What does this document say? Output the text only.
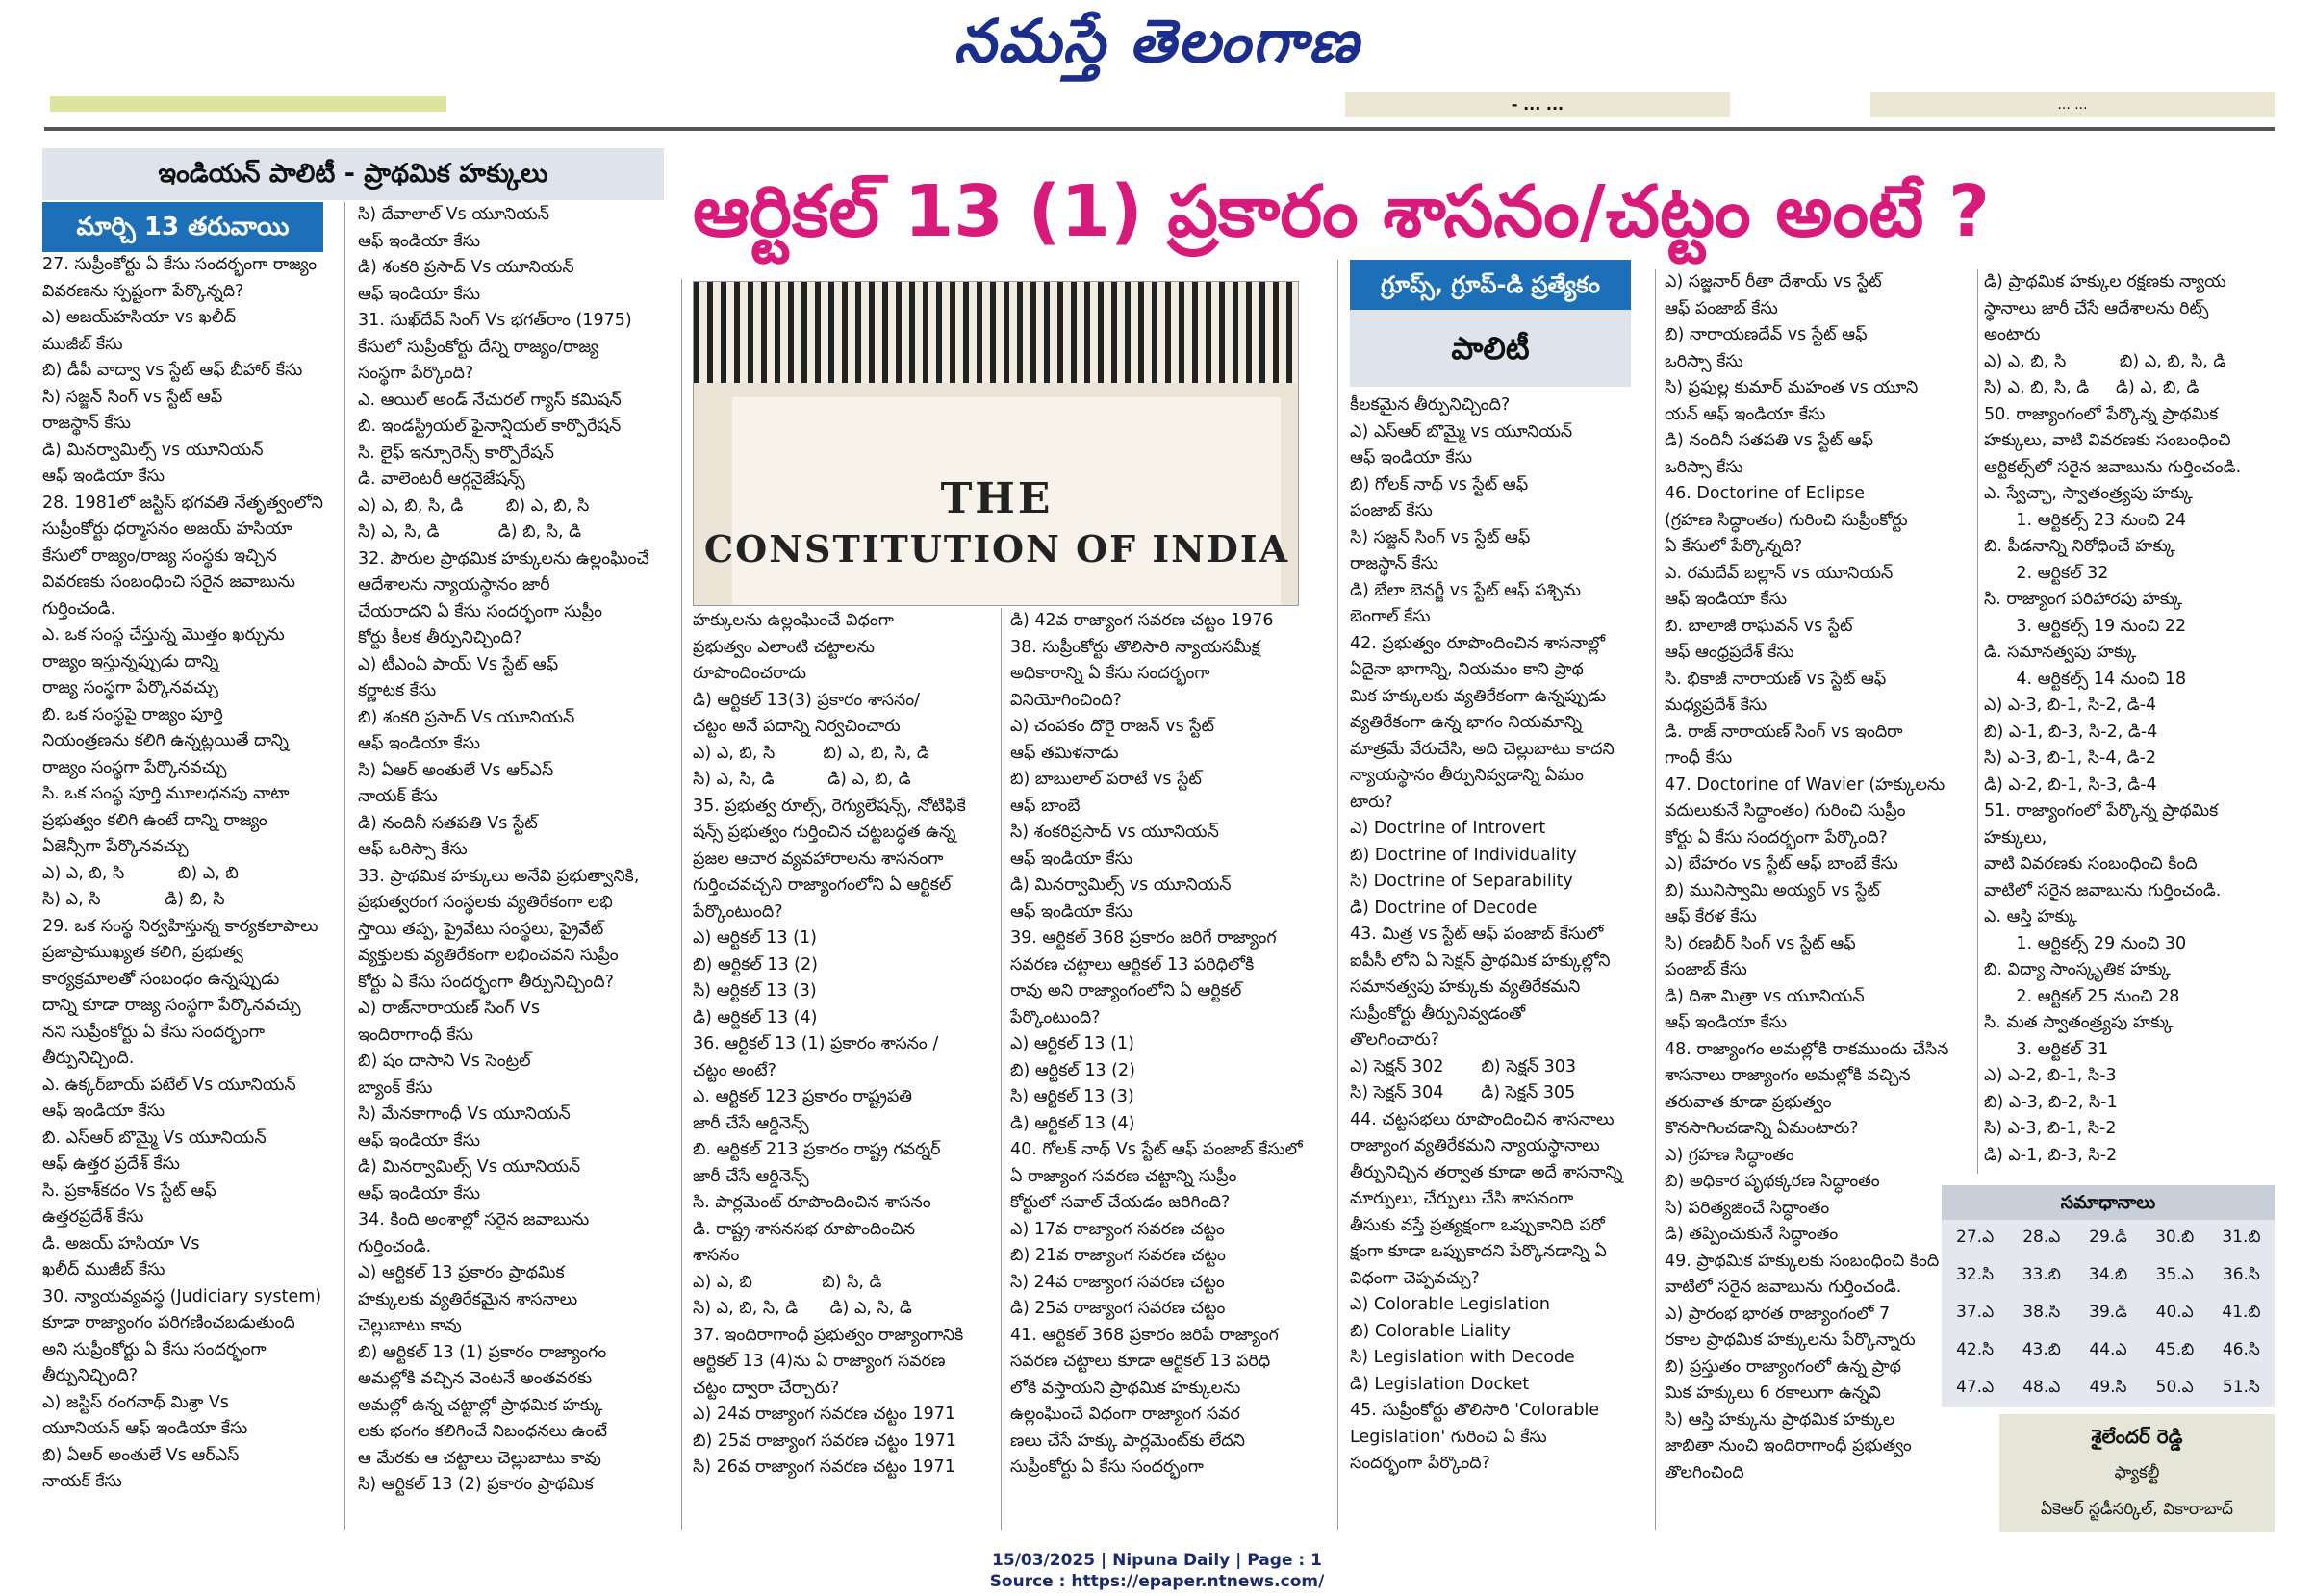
నమస్తే తెలంగాణ
- ... ...	... ...
ఇండియన్ పాలిటీ - ప్రాథమిక హక్కులు
మార్చి 13 తరువాయి	ఆర్టికల్ 13 (1) ప్రకారం శాసనం/చట్టం అంటే ?
THE
CONSTITUTION OF INDIA
గ్రూప్స్, గ్రూప్-డి ప్రత్యేకం
పాలిటీ
27. సుప్రీంకోర్టు ఏ కేసు సందర్భంగా రాజ్యం
వివరణను స్పష్టంగా పేర్కొన్నది?
ఎ) అజయ్‌హసియా vs ఖలీద్
ముజీబ్ కేసు
బి) డీపీ వాద్వా vs స్టేట్ ఆఫ్ బీహార్ కేసు
సి) సజ్జన్ సింగ్ vs స్టేట్ ఆఫ్
రాజస్థాన్ కేసు
డి) మినర్వామిల్స్ vs యూనియన్
ఆఫ్ ఇండియా కేసు
28. 1981లో జస్టిస్ భగవతి నేతృత్వంలోని
సుప్రీంకోర్టు ధర్మాసనం అజయ్ హసియా
కేసులో రాజ్యం/రాజ్య సంస్థకు ఇచ్చిన
వివరణకు సంబంధించి సరైన జవాబును
గుర్తించండి.
ఎ. ఒక సంస్థ చేస్తున్న మొత్తం ఖర్చును
రాజ్యం ఇస్తున్నప్పుడు దాన్ని
రాజ్య సంస్థగా పేర్కొనవచ్చు
బి. ఒక సంస్థపై రాజ్యం పూర్తి
నియంత్రణను కలిగి ఉన్నట్లయితే దాన్ని
రాజ్యం సంస్థగా పేర్కొనవచ్చు
సి. ఒక సంస్థ పూర్తి మూలధనపు వాటా
ప్రభుత్వం కలిగి ఉంటే దాన్ని రాజ్యం
ఏజెన్సీగా పేర్కొనవచ్చు
ఎ) ఎ, బి, సి          బి) ఎ, బి
సి) ఎ, సి            డి) బి, సి
29. ఒక సంస్థ నిర్వహిస్తున్న కార్యకలాపాలు
ప్రజాప్రాముఖ్యత కలిగి, ప్రభుత్వ
కార్యక్రమాలతో సంబంధం ఉన్నప్పుడు
దాన్ని కూడా రాజ్య సంస్థగా పేర్కొనవచ్చు
నని సుప్రీంకోర్టు ఏ కేసు సందర్భంగా
తీర్పునిచ్చింది.
ఎ. ఉక్కర్‌బాయ్ పటేల్ Vs యూనియన్
ఆఫ్ ఇండియా కేసు
బి. ఎస్ఆర్ బొమ్మై Vs యూనియన్
ఆఫ్ ఉత్తర ప్రదేశ్ కేసు
సి. ప్రకాశ్‌కదం Vs స్టేట్ ఆఫ్
ఉత్తరప్రదేశ్ కేసు
డి. అజయ్ హసియా Vs
ఖలీద్ ముజీబ్ కేసు
30. న్యాయవ్యవస్థ (Judiciary system)
కూడా రాజ్యాంగం పరిగణించబడుతుంది
అని సుప్రీంకోర్టు ఏ కేసు సందర్భంగా
తీర్పునిచ్చింది?
ఎ) జస్టిస్ రంగనాథ్ మిశ్రా Vs
యూనియన్ ఆఫ్ ఇండియా కేసు
బి) ఏఆర్ అంతులే Vs ఆర్ఎస్
నాయక్ కేసు
సి) దేవాలాల్ Vs యూనియన్
ఆఫ్ ఇండియా కేసు
డి) శంకరి ప్రసాద్ Vs యూనియన్
ఆఫ్ ఇండియా కేసు
31. సుఖ్‌దేవ్ సింగ్ Vs భగత్‌రాం (1975)
కేసులో సుప్రీంకోర్టు దేన్ని రాజ్యం/రాజ్య
సంస్థగా పేర్కొంది?
ఎ. ఆయిల్ అండ్ నేచురల్ గ్యాస్ కమిషన్
బి. ఇండస్ట్రియల్ ఫైనాన్షియల్ కార్పొరేషన్
సి. లైఫ్ ఇన్సూరెన్స్ కార్పొరేషన్
డి. వాలెంటరీ ఆర్గనైజేషన్స్
ఎ) ఎ, బి, సి, డి        బి) ఎ, బి, సి
సి) ఎ, సి, డి           డి) బి, సి, డి
32. పౌరుల ప్రాథమిక హక్కులను ఉల్లంఘించే
ఆదేశాలను న్యాయస్థానం జారీ
చేయరాదని ఏ కేసు సందర్భంగా సుప్రీం
కోర్టు కీలక తీర్పునిచ్చింది?
ఎ) టీఎంఏ పాయ్ Vs స్టేట్ ఆఫ్
కర్ణాటక కేసు
బి) శంకరి ప్రసాద్ Vs యూనియన్
ఆఫ్ ఇండియా కేసు
సి) ఏఆర్ అంతులే Vs ఆర్ఎస్
నాయక్ కేసు
డి) నందినీ సతపతి Vs స్టేట్
ఆఫ్ ఒరిస్సా కేసు
33. ప్రాథమిక హక్కులు అనేవి ప్రభుత్వానికి,
ప్రభుత్వరంగ సంస్థలకు వ్యతిరేకంగా లభి
స్తాయి తప్ప, ప్రైవేటు సంస్థలు, ప్రైవేట్
వ్యక్తులకు వ్యతిరేకంగా లభించవని సుప్రీం
కోర్టు ఏ కేసు సందర్భంగా తీర్పునిచ్చింది?
ఎ) రాజ్‌నారాయణ్ సింగ్ Vs
ఇందిరాగాంధీ కేసు
బి) షం దాసాని Vs సెంట్రల్
బ్యాంక్ కేసు
సి) మేనకాగాంధీ Vs యూనియన్
ఆఫ్ ఇండియా కేసు
డి) మినర్వామిల్స్ Vs యూనియన్
ఆఫ్ ఇండియా కేసు
34. కింది అంశాల్లో సరైన జవాబును
గుర్తించండి.
ఎ) ఆర్టికల్ 13 ప్రకారం ప్రాథమిక
హక్కులకు వ్యతిరేకమైన శాసనాలు
చెల్లుబాటు కావు
బి) ఆర్టికల్ 13 (1) ప్రకారం రాజ్యాంగం
అమల్లోకి వచ్చిన వెంటనే అంతవరకు
అమల్లో ఉన్న చట్టాల్లో ప్రాథమిక హక్కు
లకు భంగం కలిగించే నిబంధనలు ఉంటే
ఆ మేరకు ఆ చట్టాలు చెల్లుబాటు కావు
సి) ఆర్టికల్ 13 (2) ప్రకారం ప్రాథమిక
హక్కులను ఉల్లంఘించే విధంగా
ప్రభుత్వం ఎలాంటి చట్టాలను
రూపొందించరాదు
డి) ఆర్టికల్ 13(3) ప్రకారం శాసనం/
చట్టం అనే పదాన్ని నిర్వచించారు
ఎ) ఎ, బి, సి         బి) ఎ, బి, సి, డి
సి) ఎ, సి, డి          డి) ఎ, బి, డి
35. ప్రభుత్వ రూల్స్, రెగ్యులేషన్స్, నోటిఫికే
షన్స్ ప్రభుత్వం గుర్తించిన చట్టబద్ధత ఉన్న
ప్రజల ఆచార వ్యవహారాలను శాసనంగా
గుర్తించవచ్చని రాజ్యాంగంలోని ఏ ఆర్టికల్
పేర్కొంటుంది?
ఎ) ఆర్టికల్ 13 (1)
బి) ఆర్టికల్ 13 (2)
సి) ఆర్టికల్ 13 (3)
డి) ఆర్టికల్ 13 (4)
36. ఆర్టికల్ 13 (1) ప్రకారం శాసనం /
చట్టం అంటే?
ఎ. ఆర్టికల్ 123 ప్రకారం రాష్ట్రపతి
జారీ చేసే ఆర్డినెన్స్
బి. ఆర్టికల్ 213 ప్రకారం రాష్ట్ర గవర్నర్
జారీ చేసే ఆర్డినెన్స్
సి. పార్లమెంట్ రూపొందించిన శాసనం
డి. రాష్ట్ర శాసనసభ రూపొందించిన
శాసనం
ఎ) ఎ, బి             బి) సి, డి
సి) ఎ, బి, సి, డి      డి) ఎ, సి, డి
37. ఇందిరాగాంధీ ప్రభుత్వం రాజ్యాంగానికి
ఆర్టికల్ 13 (4)ను ఏ రాజ్యాంగ సవరణ
చట్టం ద్వారా చేర్చారు?
ఎ) 24వ రాజ్యాంగ సవరణ చట్టం 1971
బి) 25వ రాజ్యాంగ సవరణ చట్టం 1971
సి) 26వ రాజ్యాంగ సవరణ చట్టం 1971
డి) 42వ రాజ్యాంగ సవరణ చట్టం 1976
38. సుప్రీంకోర్టు తొలిసారి న్యాయసమీక్ష
అధికారాన్ని ఏ కేసు సందర్భంగా
వినియోగించింది?
ఎ) చంపకం దొరై రాజన్ vs స్టేట్
ఆఫ్ తమిళనాడు
బి) బాబులాల్ పరాటే vs స్టేట్
ఆఫ్ బాంబే
సి) శంకరిప్రసాద్ vs యూనియన్
ఆఫ్ ఇండియా కేసు
డి) మినర్వామిల్స్ vs యూనియన్
ఆఫ్ ఇండియా కేసు
39. ఆర్టికల్ 368 ప్రకారం జరిగే రాజ్యాంగ
సవరణ చట్టాలు ఆర్టికల్ 13 పరిధిలోకి
రావు అని రాజ్యాంగంలోని ఏ ఆర్టికల్
పేర్కొంటుంది?
ఎ) ఆర్టికల్ 13 (1)
బి) ఆర్టికల్ 13 (2)
సి) ఆర్టికల్ 13 (3)
డి) ఆర్టికల్ 13 (4)
40. గోలక్ నాథ్ Vs స్టేట్ ఆఫ్ పంజాబ్ కేసులో
ఏ రాజ్యాంగ సవరణ చట్టాన్ని సుప్రీం
కోర్టులో సవాల్ చేయడం జరిగింది?
ఎ) 17వ రాజ్యాంగ సవరణ చట్టం
బి) 21వ రాజ్యాంగ సవరణ చట్టం
సి) 24వ రాజ్యాంగ సవరణ చట్టం
డి) 25వ రాజ్యాంగ సవరణ చట్టం
41. ఆర్టికల్ 368 ప్రకారం జరిపే రాజ్యాంగ
సవరణ చట్టాలు కూడా ఆర్టికల్ 13 పరిధి
లోకి వస్తాయని ప్రాథమిక హక్కులను
ఉల్లంఘించే విధంగా రాజ్యాంగ సవర
ణలు చేసే హక్కు పార్లమెంట్‌కు లేదని
సుప్రీంకోర్టు ఏ కేసు సందర్భంగా
కీలకమైన తీర్పునిచ్చింది?
ఎ) ఎస్ఆర్ బొమ్మై vs యూనియన్
ఆఫ్ ఇండియా కేసు
బి) గోలక్ నాథ్ vs స్టేట్ ఆఫ్
పంజాబ్ కేసు
సి) సజ్జన్ సింగ్ vs స్టేట్ ఆఫ్
రాజస్థాన్ కేసు
డి) బేలా బెనర్జీ vs స్టేట్ ఆఫ్ పశ్చిమ
బెంగాల్ కేసు
42. ప్రభుత్వం రూపొందించిన శాసనాల్లో
ఏదైనా భాగాన్ని, నియమం కాని ప్రాథ
మిక హక్కులకు వ్యతిరేకంగా ఉన్నప్పుడు
వ్యతిరేకంగా ఉన్న భాగం నియమాన్ని
మాత్రమే వేరుచేసి, అది చెల్లుబాటు కాదని
న్యాయస్థానం తీర్పునివ్వడాన్ని ఏమం
టారు?
ఎ) Doctrine of Introvert
బి) Doctrine of Individuality
సి) Doctrine of Separability
డి) Doctrine of Decode
43. మిత్ర vs స్టేట్ ఆఫ్ పంజాబ్ కేసులో
ఐపీసీ లోని ఏ సెక్షన్ ప్రాథమిక హక్కుల్లోని
సమానత్వపు హక్కుకు వ్యతిరేకమని
సుప్రీంకోర్టు తీర్పునివ్వడంతో
తొలగించారు?
ఎ) సెక్షన్ 302       బి) సెక్షన్ 303
సి) సెక్షన్ 304       డి) సెక్షన్ 305
44. చట్టసభలు రూపొందించిన శాసనాలు
రాజ్యాంగ వ్యతిరేకమని న్యాయస్థానాలు
తీర్పునిచ్చిన తర్వాత కూడా అదే శాసనాన్ని
మార్పులు, చేర్పులు చేసి శాసనంగా
తీసుకు వస్తే ప్రత్యక్షంగా ఒప్పుకానిది పరో
క్షంగా కూడా ఒప్పుకాదని పేర్కొనడాన్ని ఏ
విధంగా చెప్పవచ్చు?
ఎ) Colorable Legislation
బి) Colorable Liality
సి) Legislation with Decode
డి) Legislation Docket
45. సుప్రీంకోర్టు తొలిసారి 'Colorable
Legislation' గురించి ఏ కేసు
సందర్భంగా పేర్కొంది?
ఎ) సజ్జనార్ రీతా దేశాయ్ vs స్టేట్
ఆఫ్ పంజాబ్ కేసు
బి) నారాయణదేవ్ vs స్టేట్ ఆఫ్
ఒరిస్సా కేసు
సి) ప్రఫుల్ల కుమార్ మహంత vs యూని
యన్ ఆఫ్ ఇండియా కేసు
డి) నందినీ సతపతి vs స్టేట్ ఆఫ్
ఒరిస్సా కేసు
46. Doctorine of Eclipse
(గ్రహణ సిద్ధాంతం) గురించి సుప్రీంకోర్టు
ఏ కేసులో పేర్కొన్నది?
ఎ. రమదేవ్ బల్లాన్ vs యూనియన్
ఆఫ్ ఇండియా కేసు
బి. బాలాజీ రాఘవన్ vs స్టేట్
ఆఫ్ ఆంధ్రప్రదేశ్ కేసు
సి. భికాజీ నారాయణ్ vs స్టేట్ ఆఫ్
మధ్యప్రదేశ్ కేసు
డి. రాజ్ నారాయణ్ సింగ్ vs ఇందిరా
గాంధీ కేసు
47. Doctorine of Wavier (హక్కులను
వదులుకునే సిద్ధాంతం) గురించి సుప్రీం
కోర్టు ఏ కేసు సందర్భంగా పేర్కొంది?
ఎ) బేహరం vs స్టేట్ ఆఫ్ బాంబే కేసు
బి) మునిస్వామి అయ్యర్ vs స్టేట్
ఆఫ్ కేరళ కేసు
సి) రణబీర్ సింగ్ vs స్టేట్ ఆఫ్
పంజాబ్ కేసు
డి) దిశా మిత్రా vs యూనియన్
ఆఫ్ ఇండియా కేసు
48. రాజ్యాంగం అమల్లోకి రాకముందు చేసిన
శాసనాలు రాజ్యాంగం అమల్లోకి వచ్చిన
తరువాత కూడా ప్రభుత్వం
కొనసాగించడాన్ని ఏమంటారు?
ఎ) గ్రహణ సిద్ధాంతం
బి) అధికార పృథక్కరణ సిద్ధాంతం
సి) పరిత్యజించే సిద్ధాంతం
డి) తప్పించుకునే సిద్ధాంతం
49. ప్రాథమిక హక్కులకు సంబంధించి కింది
వాటిలో సరైన జవాబును గుర్తించండి.
ఎ) ప్రారంభ భారత రాజ్యాంగంలో 7
రకాల ప్రాథమిక హక్కులను పేర్కొన్నారు
బి) ప్రస్తుతం రాజ్యాంగంలో ఉన్న ప్రాథ
మిక హక్కులు 6 రకాలుగా ఉన్నవి
సి) ఆస్తి హక్కును ప్రాథమిక హక్కుల
జాబితా నుంచి ఇందిరాగాంధీ ప్రభుత్వం
తొలగించింది
డి) ప్రాథమిక హక్కుల రక్షణకు న్యాయ
స్థానాలు జారీ చేసే ఆదేశాలను రిట్స్
అంటారు
ఎ) ఎ, బి, సి          బి) ఎ, బి, సి, డి
సి) ఎ, బి, సి, డి     డి) ఎ, బి, డి
50. రాజ్యాంగంలో పేర్కొన్న ప్రాథమిక
హక్కులు, వాటి వివరణకు సంబంధించి
ఆర్టికల్స్‌లో సరైన జవాబును గుర్తించండి.
ఎ. స్వేచ్ఛా, స్వాతంత్ర్యపు హక్కు
1. ఆర్టికల్స్ 23 నుంచి 24
బి. పీడనాన్ని నిరోధించే హక్కు
2. ఆర్టికల్ 32
సి. రాజ్యాంగ పరిహారపు హక్కు
3. ఆర్టికల్స్ 19 నుంచి 22
డి. సమానత్వపు హక్కు
4. ఆర్టికల్స్ 14 నుంచి 18
ఎ) ఎ-3, బి-1, సి-2, డి-4
బి) ఎ-1, బి-3, సి-2, డి-4
సి) ఎ-3, బి-1, సి-4, డి-2
డి) ఎ-2, బి-1, సి-3, డి-4
51. రాజ్యాంగంలో పేర్కొన్న ప్రాథమిక హక్కులు,
వాటి వివరణకు సంబంధించి కింది
వాటిలో సరైన జవాబును గుర్తించండి.
ఎ. ఆస్తి హక్కు
1. ఆర్టికల్స్ 29 నుంచి 30
బి. విద్యా సాంస్కృతిక హక్కు
2. ఆర్టికల్ 25 నుంచి 28
సి. మత స్వాతంత్ర్యపు హక్కు
3. ఆర్టికల్ 31
ఎ) ఎ-2, బి-1, సి-3
బి) ఎ-3, బి-2, సి-1
సి) ఎ-3, బి-1, సి-2
డి) ఎ-1, బి-3, సి-2
సమాధానాలు
27.ఎ 28.ఎ 29.డి 30.బి 31.బి
32.సి 33.బి 34.బి 35.ఎ 36.సి
37.ఎ 38.సి 39.డి 40.ఎ 41.బి
42.సి 43.బి 44.ఎ 45.బి 46.సి
47.ఎ 48.ఎ 49.సి 50.ఎ 51.సి
శైలేందర్ రెడ్డి
ఫ్యాకల్టీ
ఏకెఆర్ స్టడీసర్కిల్, వికారాబాద్
15/03/2025 | Nipuna Daily | Page : 1
Source : https://epaper.ntnews.com/
